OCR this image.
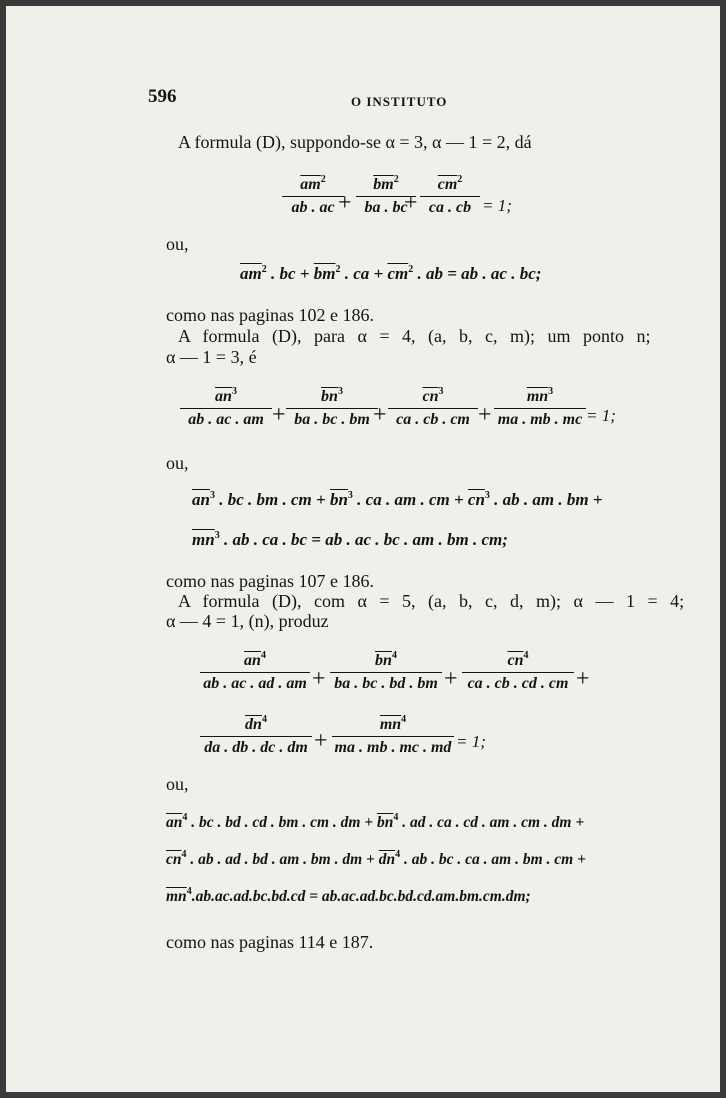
596	O INSTITUTO
A formula (D), suppondo-se α = 3, α — 1 = 2, dá
$\overline{am}^2$
ab . ac +
$\overline{bm}^2$
ba . bc
+
$\overline{cm}^2$
ca . cb = 1;
ou,
$\overline{am}^2$ . bc + $\overline{bm}^2$ . ca + $\overline{cm}^2$ . ab = ab . ac . bc;
como nas paginas 102 e 186.
A formula (D), para α = 4, (a, b, c, m); um ponto n;
α — 1 = 3, é
$\overline{an}^3$
ab . ac . am +
$\overline{bn}^3$
ba . bc . bm +
$\overline{cn}^3$
ca . cb . cm +
$\overline{mn}^3$
ma . mb . mc = 1;
ou,
$\overline{an}^3$ . bc . bm . cm + $\overline{bn}^3$ . ca . am . cm + $\overline{cn}^3$ . ab . am . bm +
$\overline{mn}^3$ . ab . ca . bc = ab . ac . bc . am . bm . cm;
como nas paginas 107 e 186.
A formula (D), com α = 5, (a, b, c, d, m); α — 1 = 4;
α — 4 = 1, (n), produz
$\overline{an}^4$
ab . ac . ad . am +
$\overline{bn}^4$
ba . bc . bd . bm +
$\overline{cn}^4$
ca . cb . cd . cm +
$\overline{dn}^4$
da . db . dc . dm +
$\overline{mn}^4$
ma . mb . mc . md = 1;
ou,
$\overline{an}^4$ . bc . bd . cd . bm . cm . dm + $\overline{bn}^4$ . ad . ca . cd . am . cm . dm +
$\overline{cn}^4$ . ab . ad . bd . am . bm . dm + $\overline{dn}^4$ . ab . bc . ca . am . bm . cm +
$\overline{mn}^4.ab.ac.ad.bc.bd.cd = ab.ac.ad.bc.bd.cd.am.bm.cm.dm$;
como nas paginas 114 e 187.
